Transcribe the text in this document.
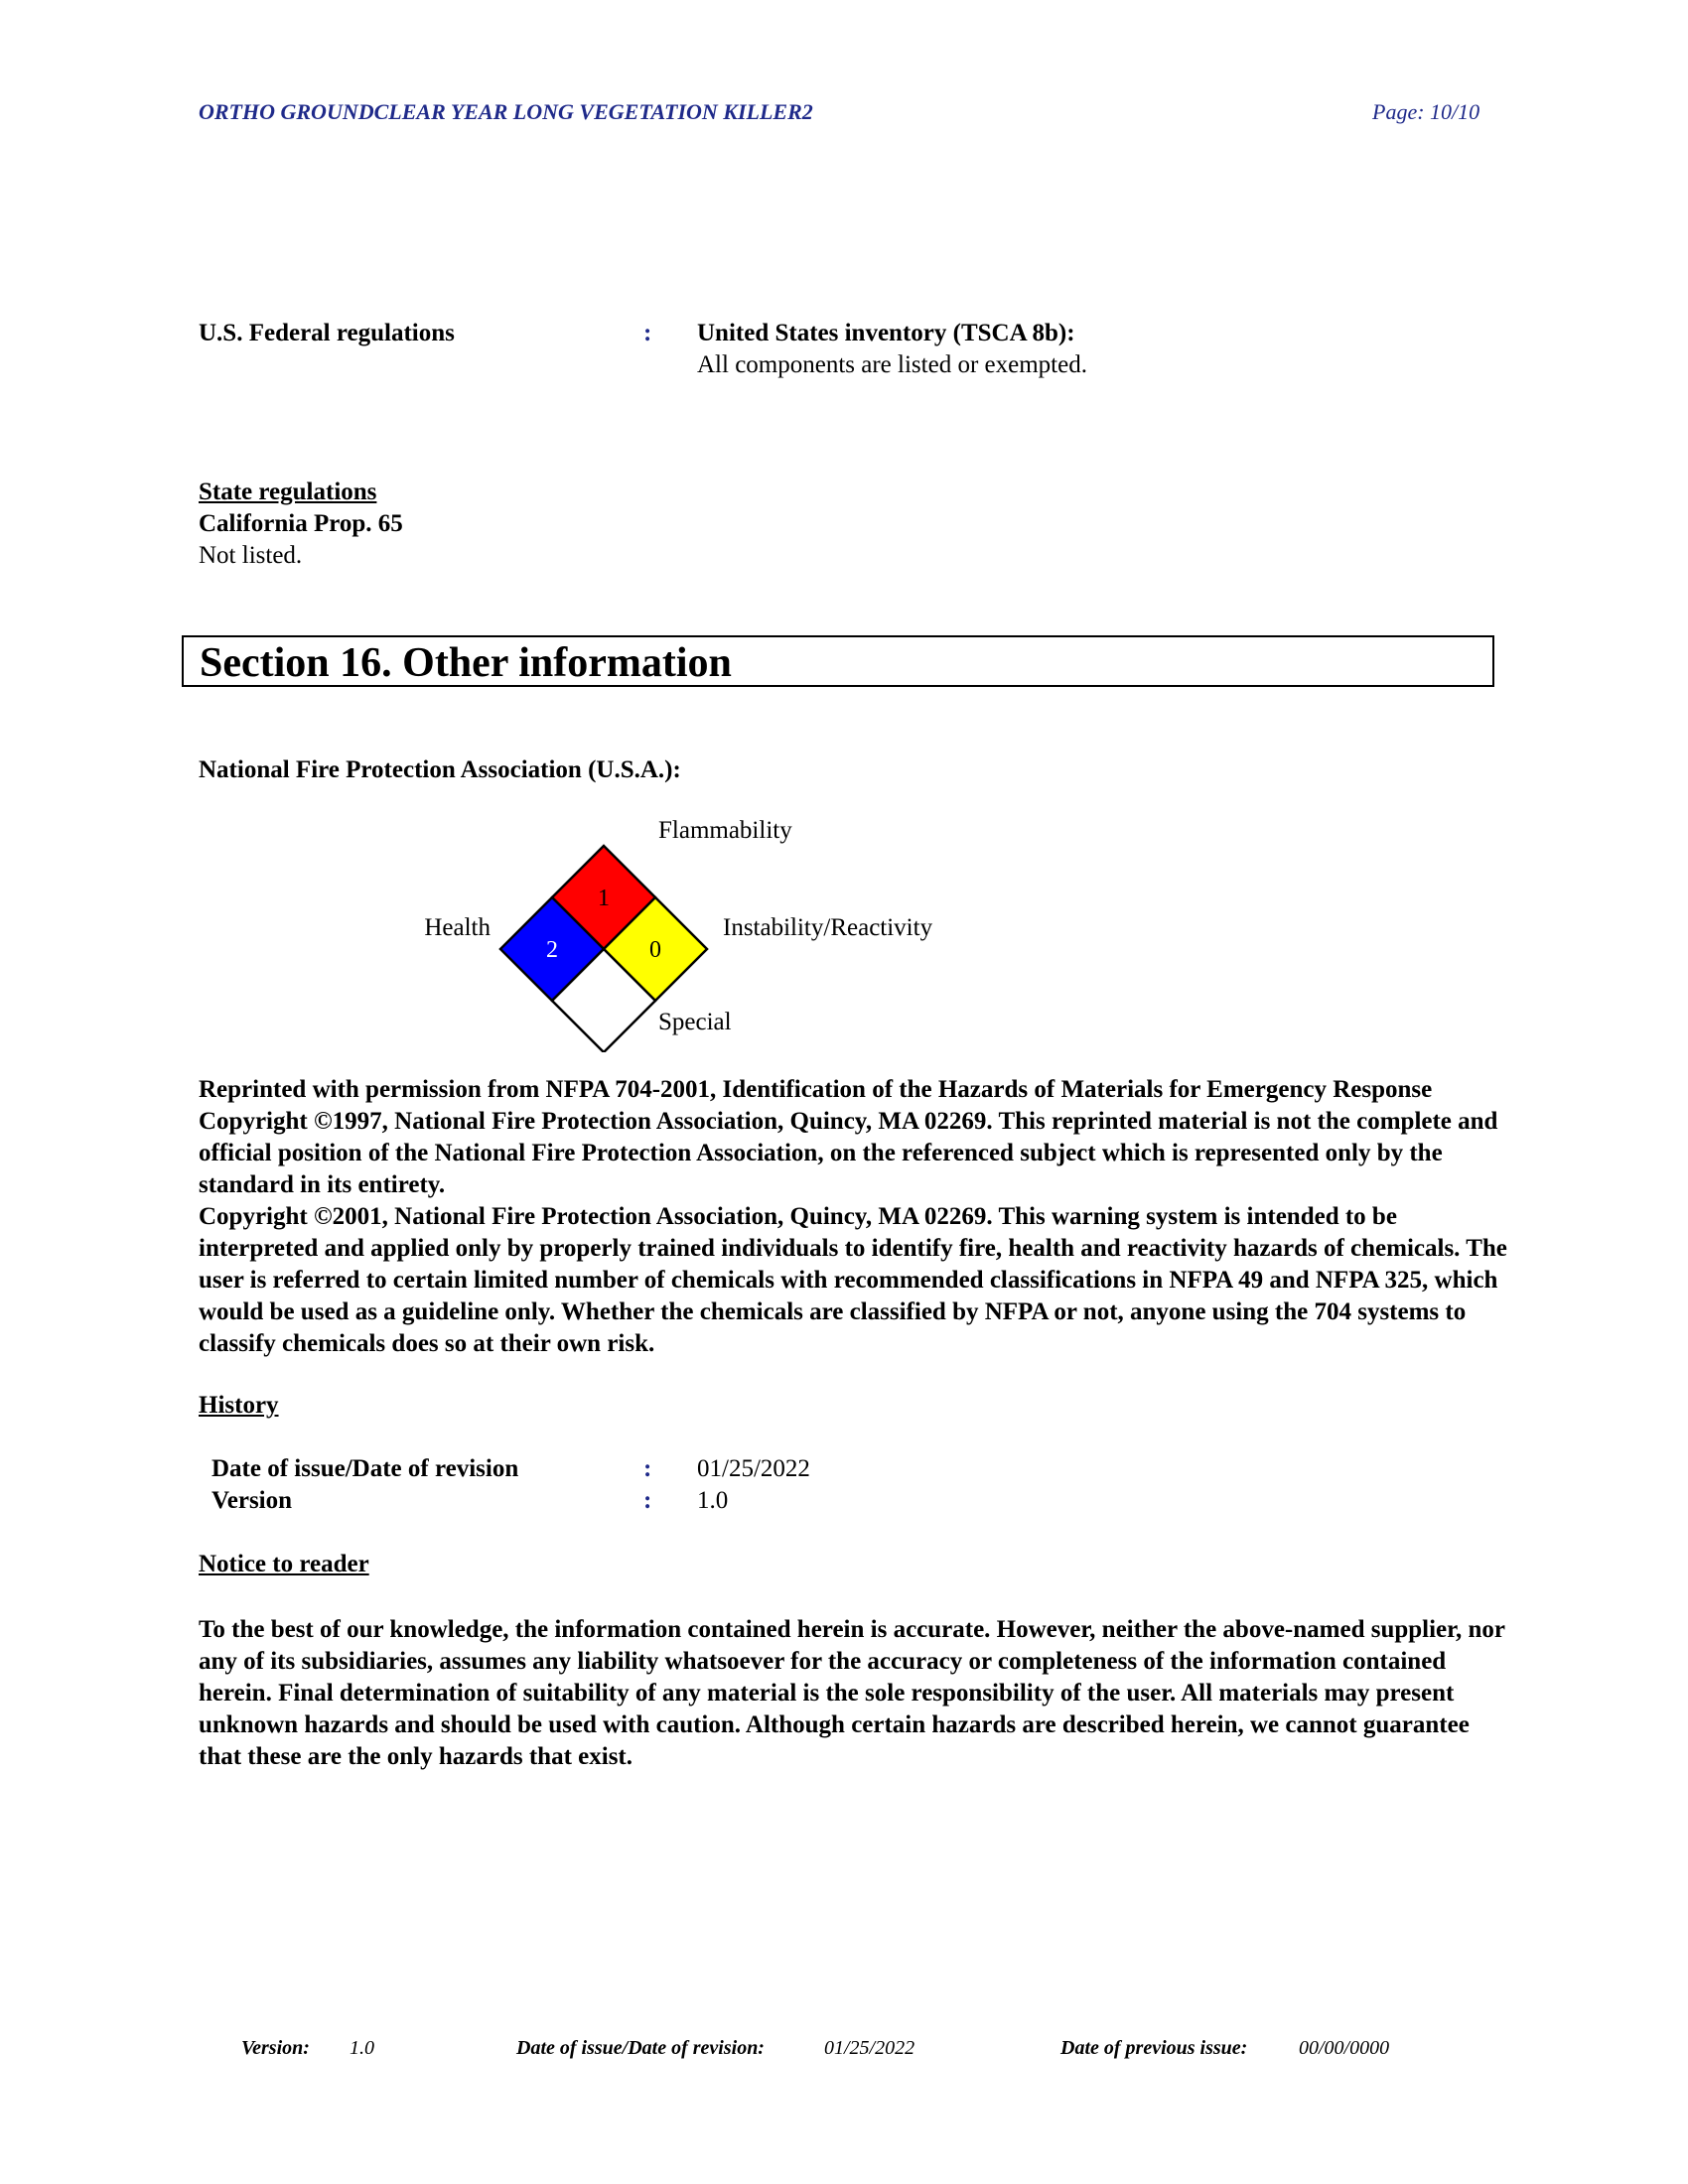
ORTHO GROUNDCLEAR YEAR LONG VEGETATION KILLER2	Page: 10/10
U.S. Federal regulations	: United States inventory (TSCA 8b):
All components are listed or exempted.
State regulations
California Prop. 65
Not listed.
Section 16. Other information
National Fire Protection Association (U.S.A.):
1
2	0
Flammability
Health	Instability/Reactivity
Special

Reprinted with permission from NFPA 704-2001, Identification of the Hazards of Materials for Emergency Response Copyright ©1997, National Fire Protection Association, Quincy, MA 02269. This reprinted material is not the complete and official position of the National Fire Protection Association, on the referenced subject which is represented only by the standard in its entirety.

Copyright ©2001, National Fire Protection Association, Quincy, MA 02269. This warning system is intended to be interpreted and applied only by properly trained individuals to identify fire, health and reactivity hazards of chemicals. The user is referred to certain limited number of chemicals with recommended classifications in NFPA 49 and NFPA 325, which would be used as a guideline only. Whether the chemicals are classified by NFPA or not, anyone using the 704 systems to classify chemicals does so at their own risk.

History
Date of issue/Date of revision	: 01/25/2022
Version	: 1.0
Notice to reader
To the best of our knowledge, the information contained herein is accurate. However, neither the above-named supplier, nor any of its subsidiaries, assumes any liability whatsoever for the accuracy or completeness of the information contained herein. Final determination of suitability of any material is the sole responsibility of the user. All materials may present unknown hazards and should be used with caution. Although certain hazards are described herein, we cannot guarantee that these are the only hazards that exist.
Version: 1.0	Date of issue/Date of revision:	01/25/2022	Date of previous issue:	00/00/0000
